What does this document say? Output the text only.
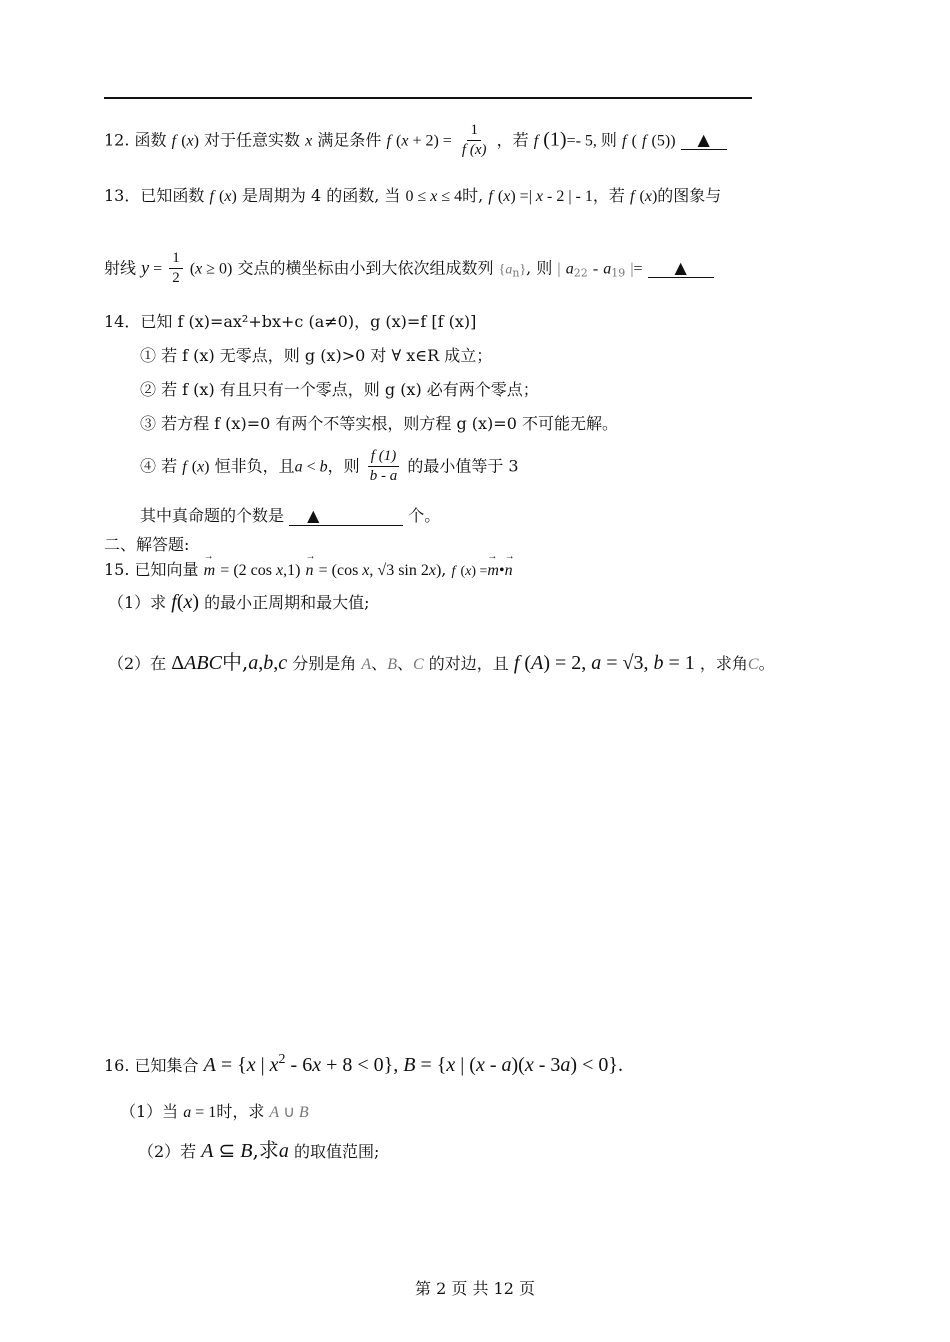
12. 函数 f (x) 对于任意实数 x 满足条件 f $(x + 2) = \frac{1}{f (x)}$ ，若 f (1)=- 5, 则 f ( f (5)) ▲
13．已知函数 f (x) 是周期为 4 的函数, 当 0 ≤ x ≤ 4时, f (x) =| x - 2 | - 1，若 f (x)的图象与
射线 $y = \frac{1}{2} (x \ge 0)$ 交点的横坐标由小到大依次组成数列 $\{a_n\}$, 则 | $a_{22} - a_{19}$ |= ▲
14．已知 f (x)=ax²+bx+c (a≠0)，g (x)=f [f (x)]
① 若 f (x) 无零点，则 g (x)>0 对 ∀ x∈R 成立；
② 若 f (x) 有且只有一个零点，则 g (x) 必有两个零点；
③ 若方程 f (x)=0 有两个不等实根，则方程 g (x)=0 不可能无解。
④ 若 f (x) 恒非负，且a < b，则 $\frac{f (1)}{b - a}$ 的最小值等于 3
其中真命题的个数是 ▲	个。
二、解答题:
15. 已知向量 → m = (2 cos x,1) → n = (cos x, √3 sin 2x), f (x) =→ m•→ n
（1）求 f(x) 的最小正周期和最大值;
（2）在 ΔABC中,a,b,c 分别是角 A、B、C 的对边，且 f (A) = 2, a = √3, b = 1 ，求角C。
16. 已知集合 A = {x | x2 - 6x + 8 < 0}, B = {x | (x - a)(x - 3a) < 0}.
（1）当 a = 1时，求 A ∪ B
（2）若 A ⊆ B,求a 的取值范围;
第 2 页 共 12 页
